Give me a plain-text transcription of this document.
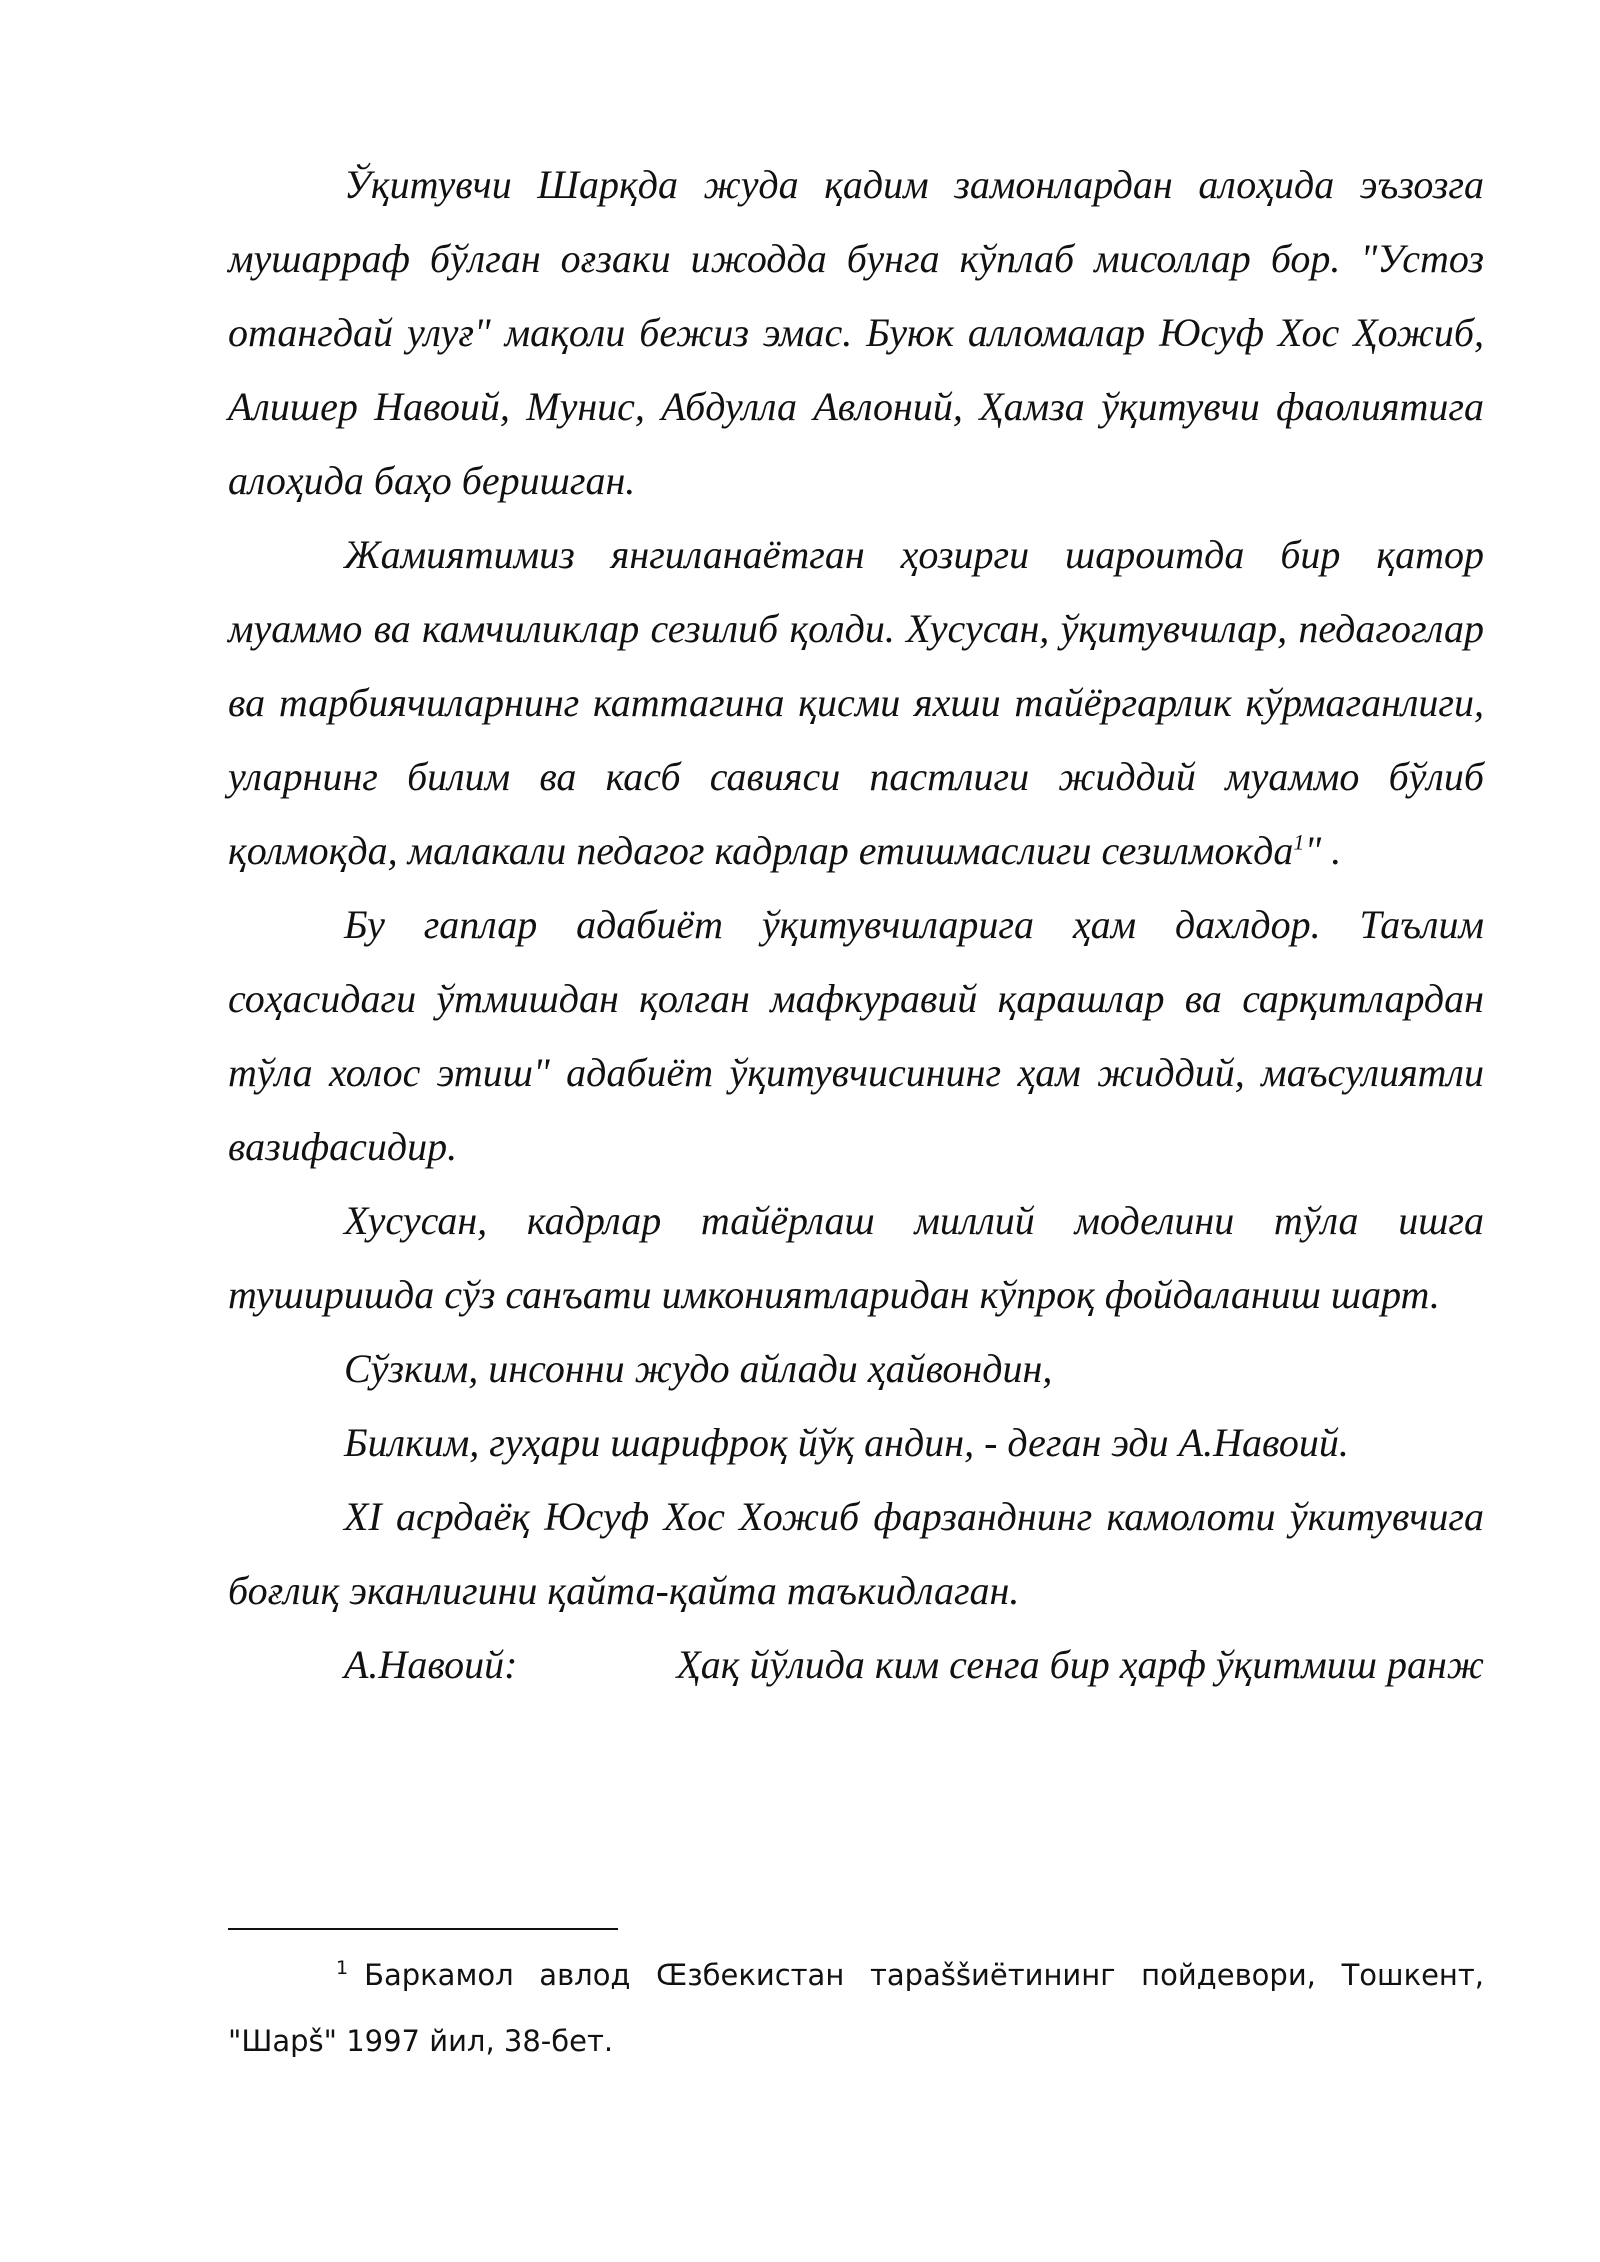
Ўқитувчи Шарқда жуда қадим замонлардан алоҳида эъзозга мушарраф бўлган оғзаки ижодда бунга кўплаб мисоллар бор. "Устоз отангдай улуғ" мақоли бежиз эмас. Буюк алломалар Юсуф Хос Ҳожиб, Алишер Навоий, Мунис, Абдулла Авлоний, Ҳамза ўқитувчи фаолиятига алоҳида баҳо беришган.

Жамиятимиз янгиланаётган ҳозирги шароитда бир қатор муаммо ва камчиликлар сезилиб қолди. Хусусан, ўқитувчилар, педагоглар ва тарбиячиларнинг каттагина қисми яхши тайёргарлик кўрмаганлиги, уларнинг билим ва касб савияси пастлиги жиддий муаммо бўлиб қолмоқда, малакали педагог кадрлар етишмаслиги сезилмокда$^1$" .

Бу гаплар адабиёт ўқитувчиларига ҳам дахлдор. Таълим соҳасидаги ўтмишдан қолган мафкуравий қарашлар ва сарқитлардан тўла холос этиш" адабиёт ўқитувчисининг ҳам жиддий, маъсулиятли вазифасидир.

Хусусан, кадрлар тайёрлаш миллий моделини тўла ишга туширишда сўз санъати имкониятларидан кўпроқ фойдаланиш шарт.

Сўзким, инсонни жудо айлади ҳайвондин,

Билким, гуҳари шарифроқ йўқ андин, - деган эди А.Навоий.

XI асрдаёқ Юсуф Хос Хожиб фарзанднинг камолоти ўкитувчига боғлиқ эканлигини қайта-қайта таъкидлаган.

А.Навоий:	Ҳақ йўлида ким сенга бир ҳарф ўқитмиш ранж

$^1$ Баркамол авлод Œзбекистан тараššиётининг пойдевори, Тошкент, "Шарš" 1997 йил, 38-бет.
